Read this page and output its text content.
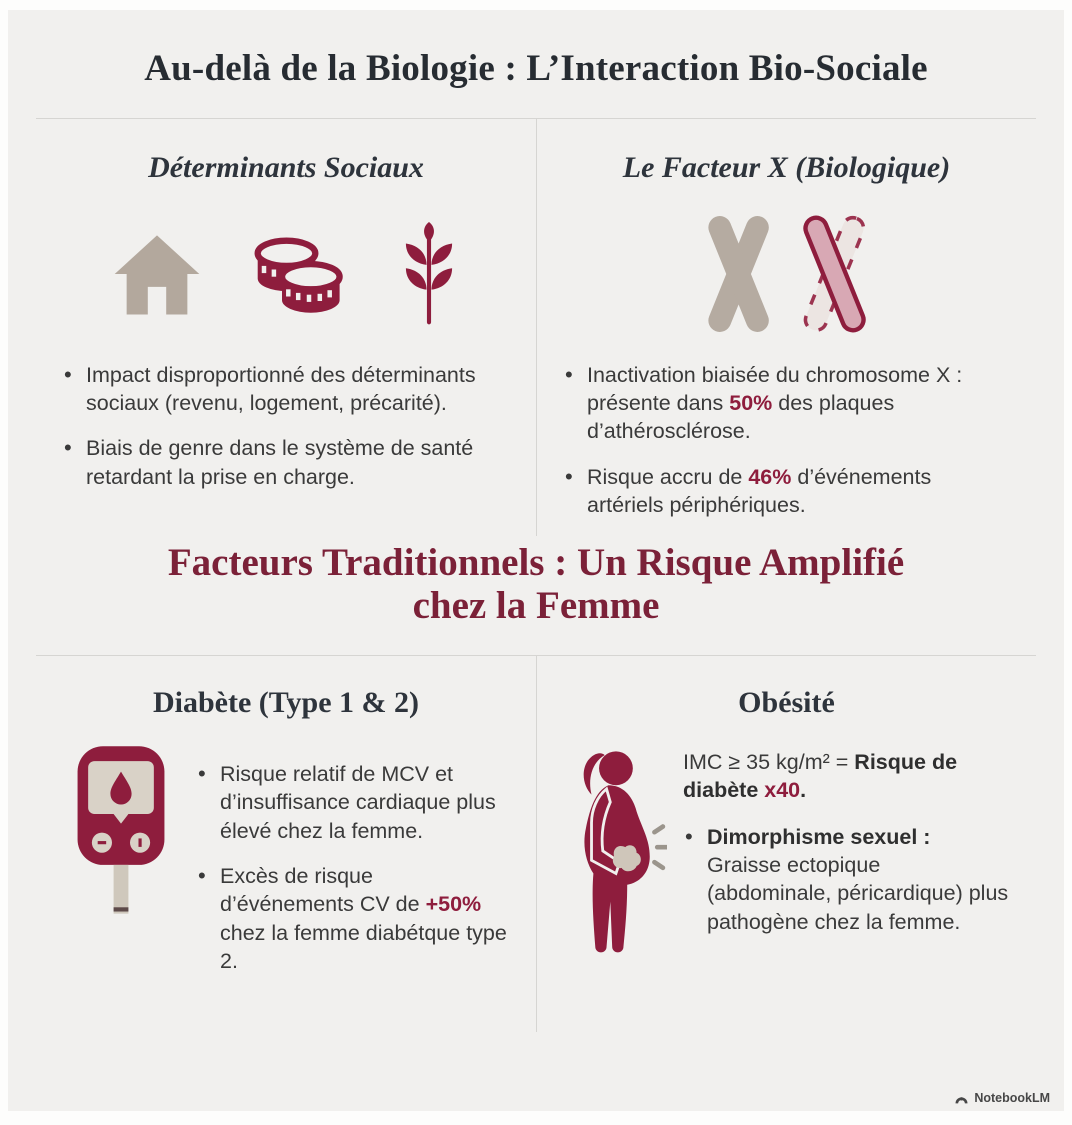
Au-delà de la Biologie : L’Interaction Bio-Sociale
Déterminants Sociaux
• Impact disproportionné des déterminants sociaux (revenu, logement, précarité).
• Biais de genre dans le système de santé retardant la prise en charge.
Le Facteur X (Biologique)
• Inactivation biaisée du chromosome X : présente dans 50% des plaques d’athérosclérose.
• Risque accru de 46% d’événements artériels périphériques.
Facteurs Traditionnels : Un Risque Amplifié
chez la Femme
Diabète (Type 1 & 2)
• Risque relatif de MCV et d’insuffisance cardiaque plus élevé chez la femme.
• Excès de risque d’événements CV de +50% chez la femme diabétque type 2.
Obésité

IMC ≥ 35 kg/m² = Risque de diabète x40.

• Dimorphisme sexuel : Graisse ectopique (abdominale, péricardique) plus pathogène chez la femme.
NotebookLM
